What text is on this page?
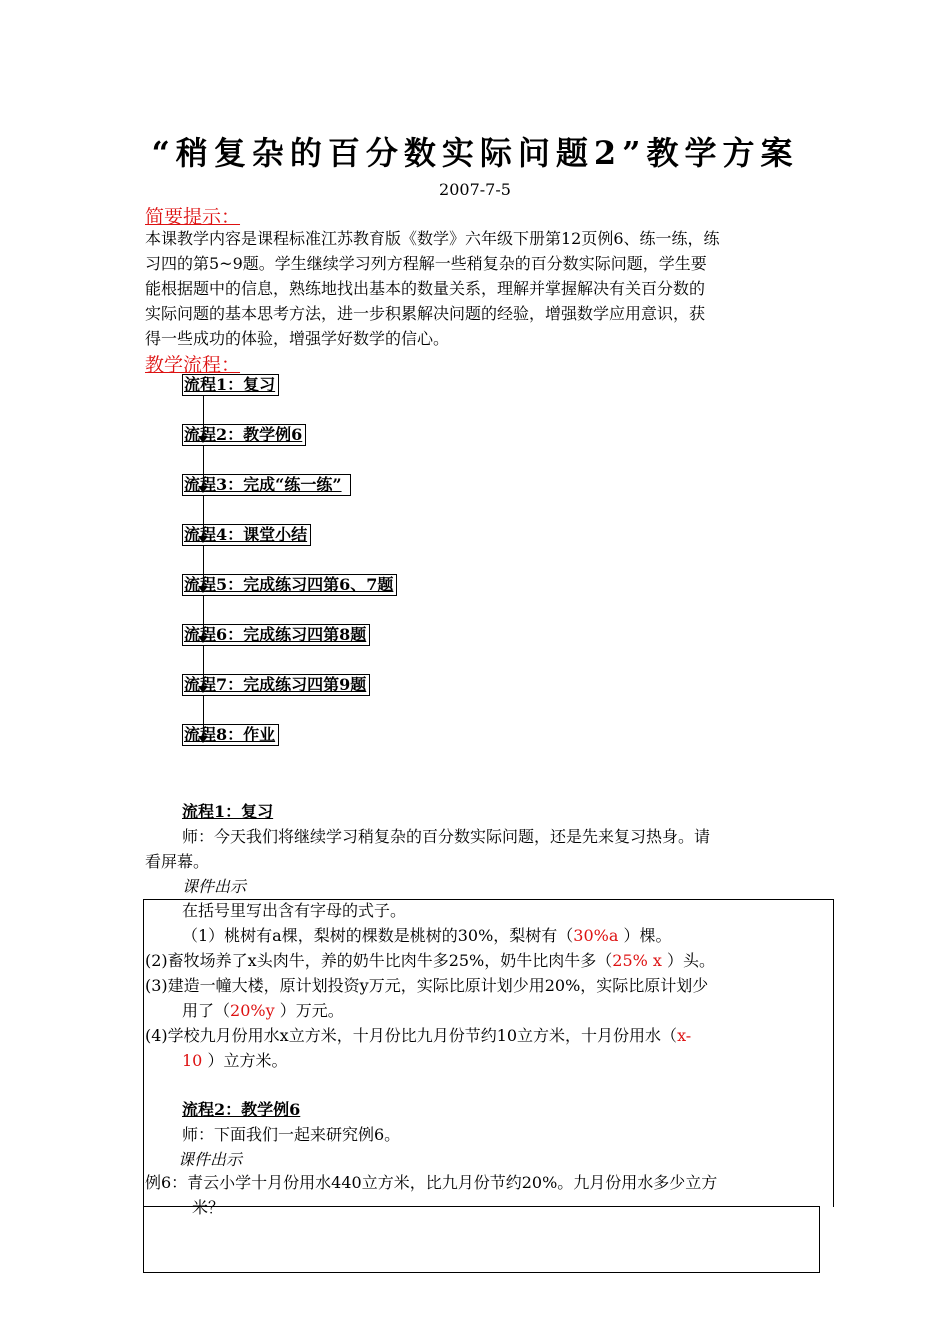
“稍复杂的百分数实际问题2”教学方案
2007-7-5
简要提示：
本课教学内容是课程标准江苏教育版《数学》六年级下册第12页例6、练一练，练
习四的第5~9题。学生继续学习列方程解一些稍复杂的百分数实际问题，学生要
能根据题中的信息，熟练地找出基本的数量关系，理解并掌握解决有关百分数的
实际问题的基本思考方法，进一步积累解决问题的经验，增强数学应用意识，获
得一些成功的体验，增强学好数学的信心。
教学流程：
流程1：复习
流程2：教学例6
流程3：完成“练一练”
流程4：课堂小结
流程5：完成练习四第6、7题
流程6：完成练习四第8题
流程7：完成练习四第9题
流程8：作业
流程1：复习
师：今天我们将继续学习稍复杂的百分数实际问题，还是先来复习热身。请
看屏幕。
课件出示
在括号里写出含有字母的式子。
（1）桃树有a棵，梨树的棵数是桃树的30%，梨树有（30%a ）棵。
(2)畜牧场养了x头肉牛，养的奶牛比肉牛多25%，奶牛比肉牛多（25% x ）头。
(3)建造一幢大楼，原计划投资y万元，实际比原计划少用20%，实际比原计划少
用了（20%y ）万元。
(4)学校九月份用水x立方米，十月份比九月份节约10立方米，十月份用水（x-
10 ）立方米。
流程2：教学例6
师：下面我们一起来研究例6。
课件出示
例6：青云小学十月份用水440立方米，比九月份节约20%。九月份用水多少立方
米？
